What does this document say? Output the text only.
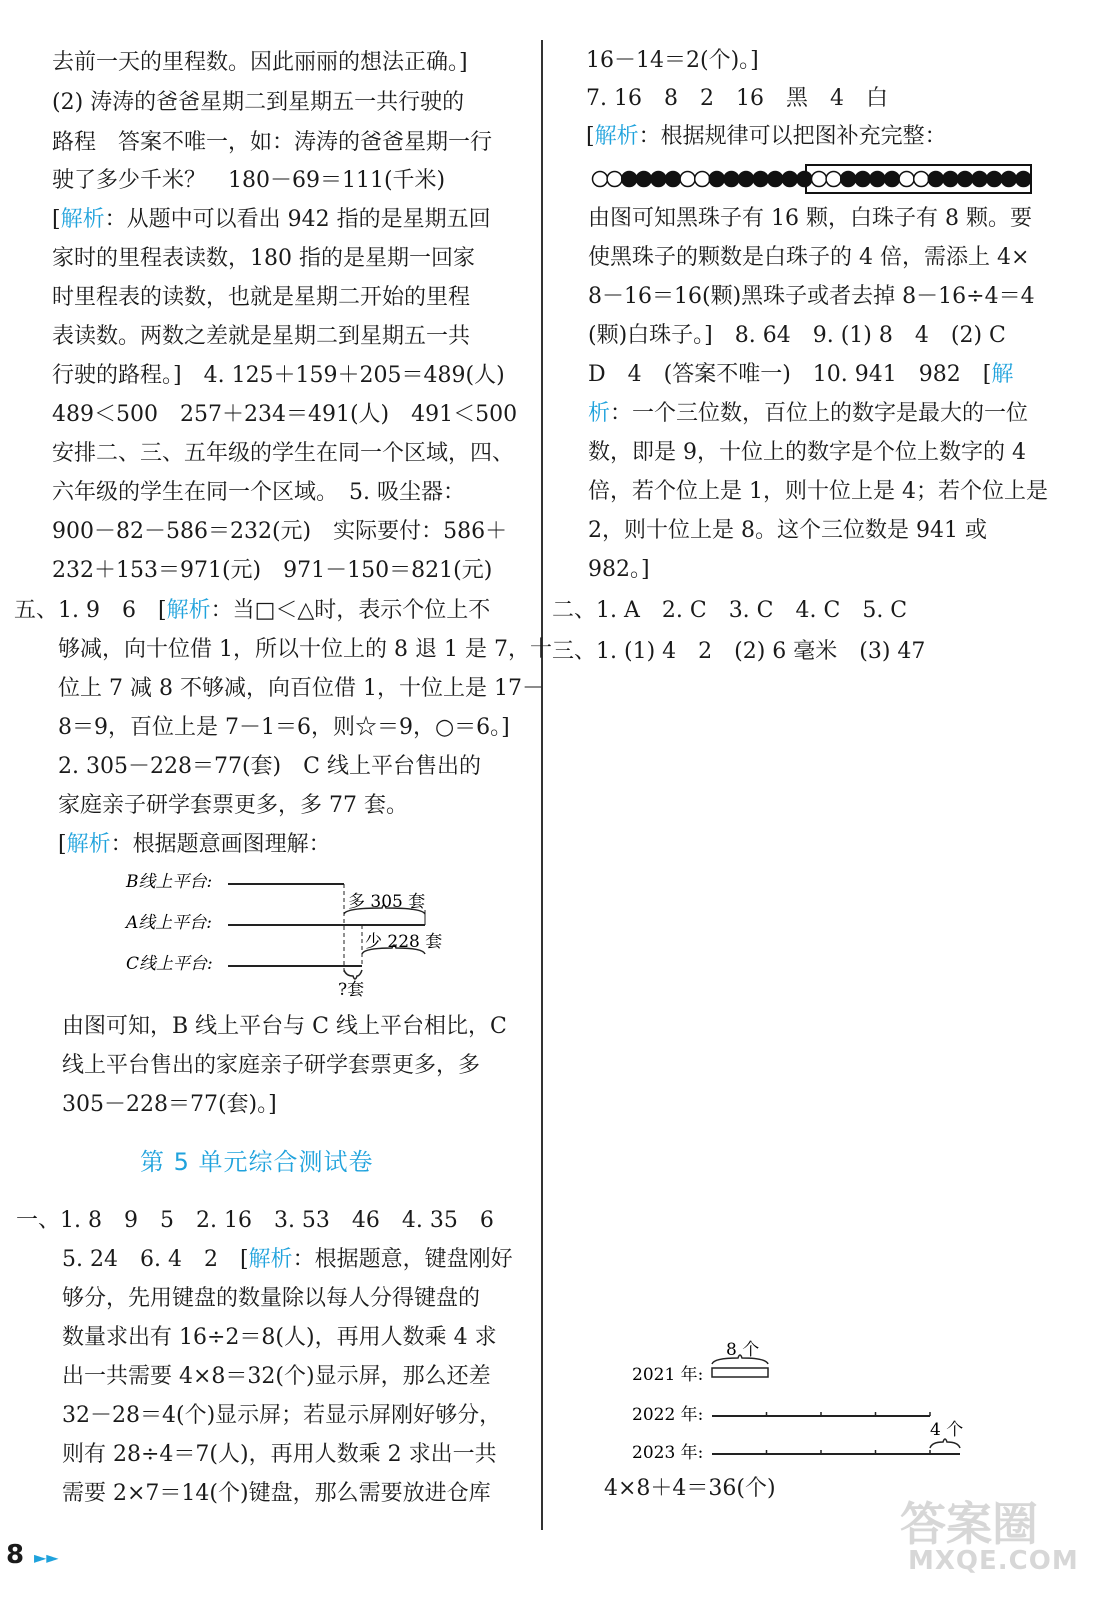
去前一天的里程数。因此丽丽的想法正确。]
(2) 涛涛的爸爸星期二到星期五一共行驶的
路程　答案不唯一，如：涛涛的爸爸星期一行
驶了多少千米？　180－69＝111(千米)
[解析：从题中可以看出 942 指的是星期五回
家时的里程表读数，180 指的是星期一回家
时里程表的读数，也就是星期二开始的里程
表读数。两数之差就是星期二到星期五一共
行驶的路程。]　4. 125＋159＋205＝489(人)
489＜500　257＋234＝491(人)　491＜500
安排二、三、五年级的学生在同一个区域，四、
六年级的学生在同一个区域。　5. 吸尘器：
900－82－586＝232(元)　实际要付：586＋
232＋153＝971(元)　971－150＝821(元)
五、1. 9　6　[解析：当□＜△时，表示个位上不
够减，向十位借 1，所以十位上的 8 退 1 是 7，十
位上 7 减 8 不够减，向百位借 1，十位上是 17－
8＝9，百位上是 7－1＝6，则☆＝9，○＝6。]
2. 305－228＝77(套)　C 线上平台售出的
家庭亲子研学套票更多，多 77 套。
[解析：根据题意画图理解：
B线上平台:
A线上平台:
C线上平台:
多 305 套
少 228 套
?套
由图可知，B 线上平台与 C 线上平台相比，C
线上平台售出的家庭亲子研学套票更多，多
305－228＝77(套)。]
第 5 单元综合测试卷
一、1. 8　9　5　2. 16　3. 53　46　4. 35　6
5. 24　6. 4　2　[解析：根据题意，键盘刚好
够分，先用键盘的数量除以每人分得键盘的
数量求出有 16÷2＝8(人)，再用人数乘 4 求
出一共需要 4×8＝32(个)显示屏，那么还差
32－28＝4(个)显示屏；若显示屏刚好够分，
则有 28÷4＝7(人)，再用人数乘 2 求出一共
需要 2×7＝14(个)键盘，那么需要放进仓库
16－14＝2(个)。]
7. 16　8　2　16　黑　4　白
[解析：根据规律可以把图补充完整：
由图可知黑珠子有 16 颗，白珠子有 8 颗。要
使黑珠子的颗数是白珠子的 4 倍，需添上 4×
8－16＝16(颗)黑珠子或者去掉 8－16÷4＝4
(颗)白珠子。]　8. 64　9. (1) 8　4　(2) C
D　4　(答案不唯一)　10. 941　982　[解
析：一个三位数，百位上的数字是最大的一位
数，即是 9，十位上的数字是个位上数字的 4
倍，若个位上是 1，则十位上是 4；若个位上是
2，则十位上是 8。这个三位数是 941 或
982。]
二、1. A　2. C　3. C　4. C　5. C
三、1. (1) 4　2　(2) 6 毫米　(3) 47
2021 年:
2022 年:
2023 年:
8 个
4 个
4×8＋4＝36(个)
8 ►►
答案圈
MXQE.COM
